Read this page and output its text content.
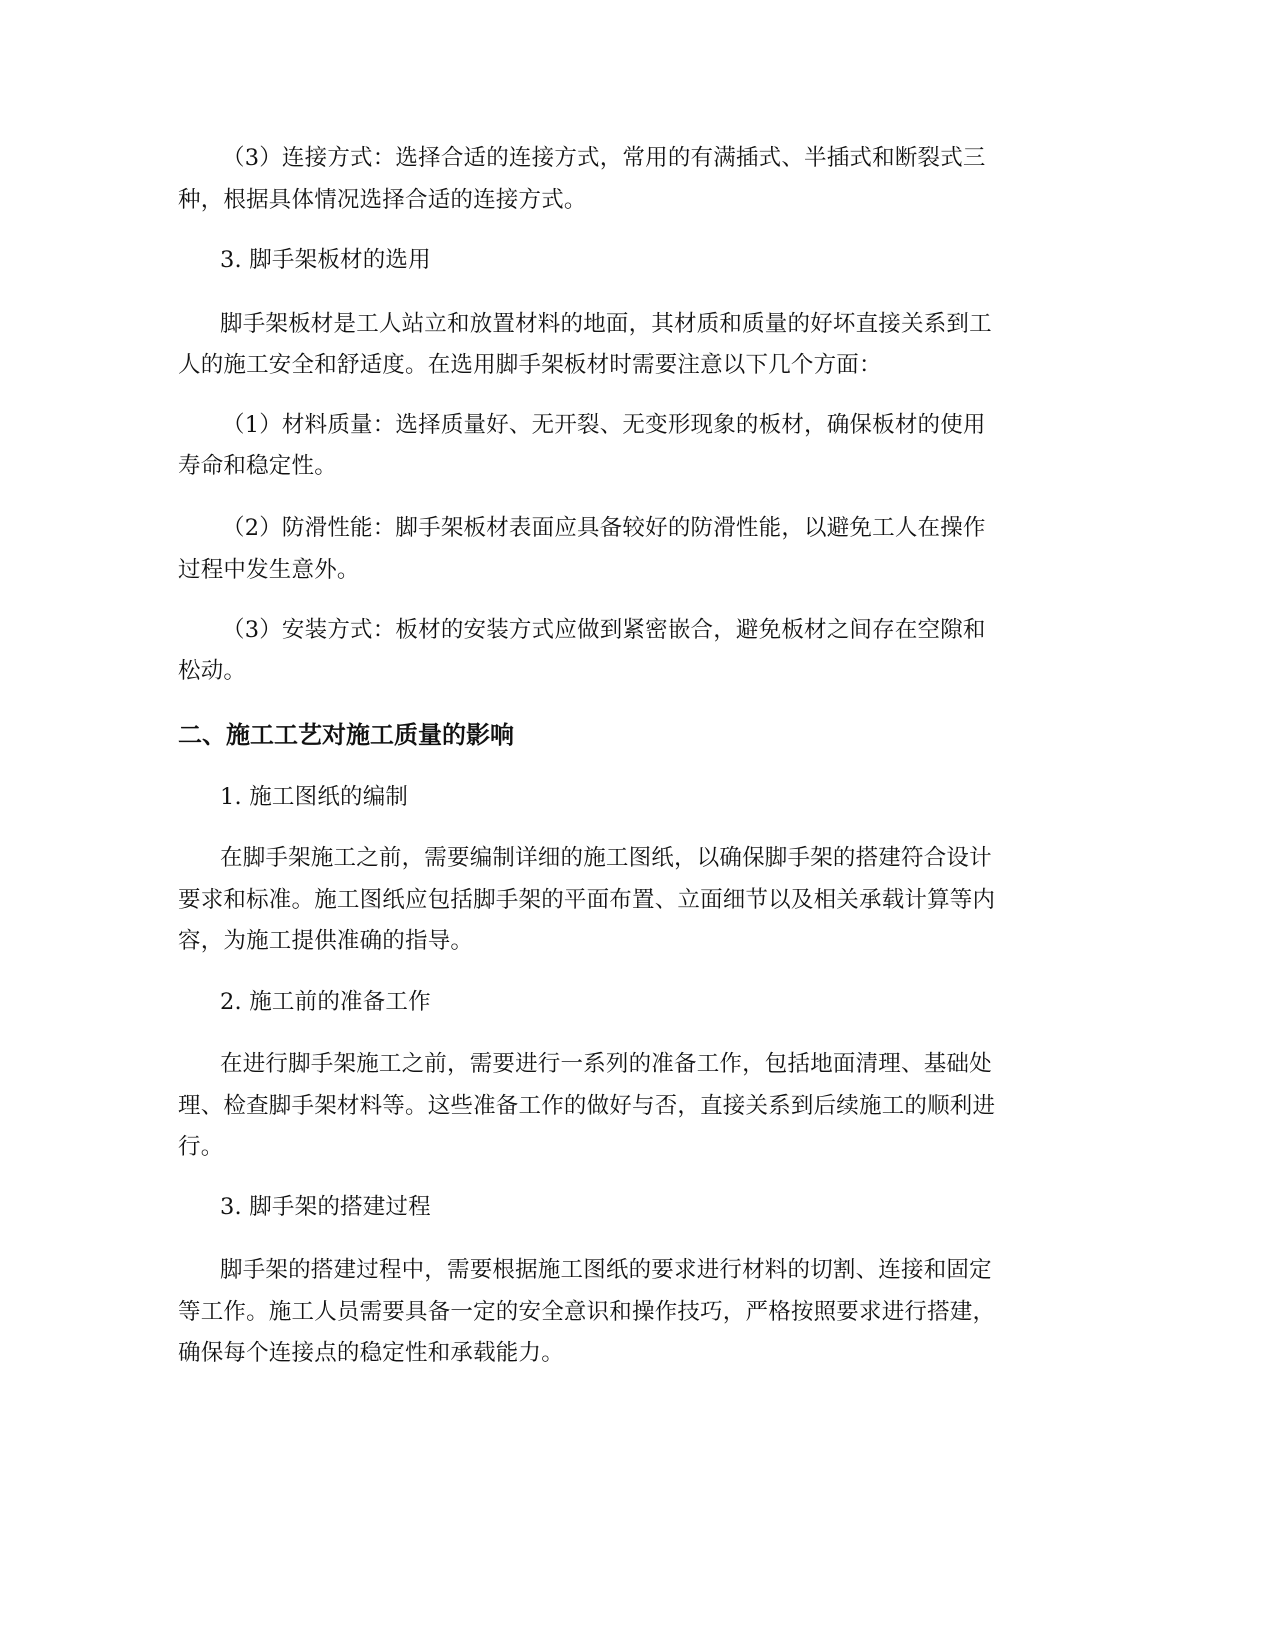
（3）连接方式：选择合适的连接方式，常用的有满插式、半插式和断裂式三
种，根据具体情况选择合适的连接方式。
3. 脚手架板材的选用
脚手架板材是工人站立和放置材料的地面，其材质和质量的好坏直接关系到工
人的施工安全和舒适度。在选用脚手架板材时需要注意以下几个方面：
（1）材料质量：选择质量好、无开裂、无变形现象的板材，确保板材的使用
寿命和稳定性。
（2）防滑性能：脚手架板材表面应具备较好的防滑性能，以避免工人在操作
过程中发生意外。
（3）安装方式：板材的安装方式应做到紧密嵌合，避免板材之间存在空隙和
松动。
二、施工工艺对施工质量的影响
1. 施工图纸的编制
在脚手架施工之前，需要编制详细的施工图纸，以确保脚手架的搭建符合设计
要求和标准。施工图纸应包括脚手架的平面布置、立面细节以及相关承载计算等内
容，为施工提供准确的指导。
2. 施工前的准备工作
在进行脚手架施工之前，需要进行一系列的准备工作，包括地面清理、基础处
理、检查脚手架材料等。这些准备工作的做好与否，直接关系到后续施工的顺利进
行。
3. 脚手架的搭建过程
脚手架的搭建过程中，需要根据施工图纸的要求进行材料的切割、连接和固定
等工作。施工人员需要具备一定的安全意识和操作技巧，严格按照要求进行搭建，
确保每个连接点的稳定性和承载能力。
